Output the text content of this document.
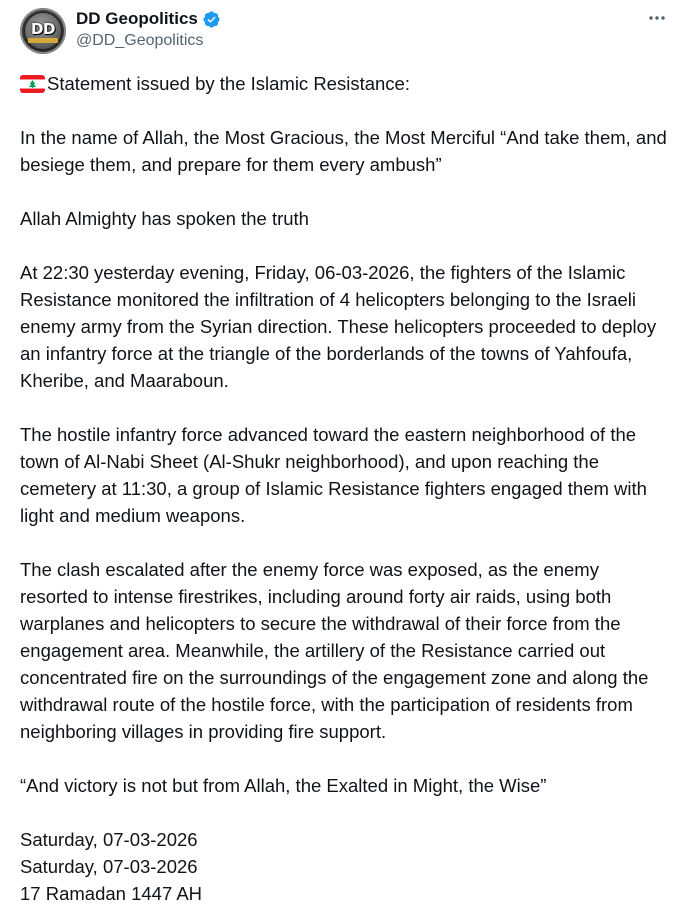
DD
DD Geopolitics
@DD_Geopolitics

Statement issued by the Islamic Resistance:

In the name of Allah, the Most Gracious, the Most Merciful “And take them, and besiege them, and prepare for them every ambush”

Allah Almighty has spoken the truth

At 22:30 yesterday evening, Friday, 06-03-2026, the fighters of the Islamic Resistance monitored the infiltration of 4 helicopters belonging to the Israeli enemy army from the Syrian direction. These helicopters proceeded to deploy an infantry force at the triangle of the borderlands of the towns of Yahfoufa, Kheribe, and Maaraboun.

The hostile infantry force advanced toward the eastern neighborhood of the town of Al-Nabi Sheet (Al-Shukr neighborhood), and upon reaching the cemetery at 11:30, a group of Islamic Resistance fighters engaged them with light and medium weapons.

The clash escalated after the enemy force was exposed, as the enemy resorted to intense firestrikes, including around forty air raids, using both warplanes and helicopters to secure the withdrawal of their force from the engagement area. Meanwhile, the artillery of the Resistance carried out concentrated fire on the surroundings of the engagement zone and along the withdrawal route of the hostile force, with the participation of residents from neighboring villages in providing fire support.

“And victory is not but from Allah, the Exalted in Might, the Wise”

Saturday, 07-03-2026

Saturday, 07-03-2026

17 Ramadan 1447 AH
